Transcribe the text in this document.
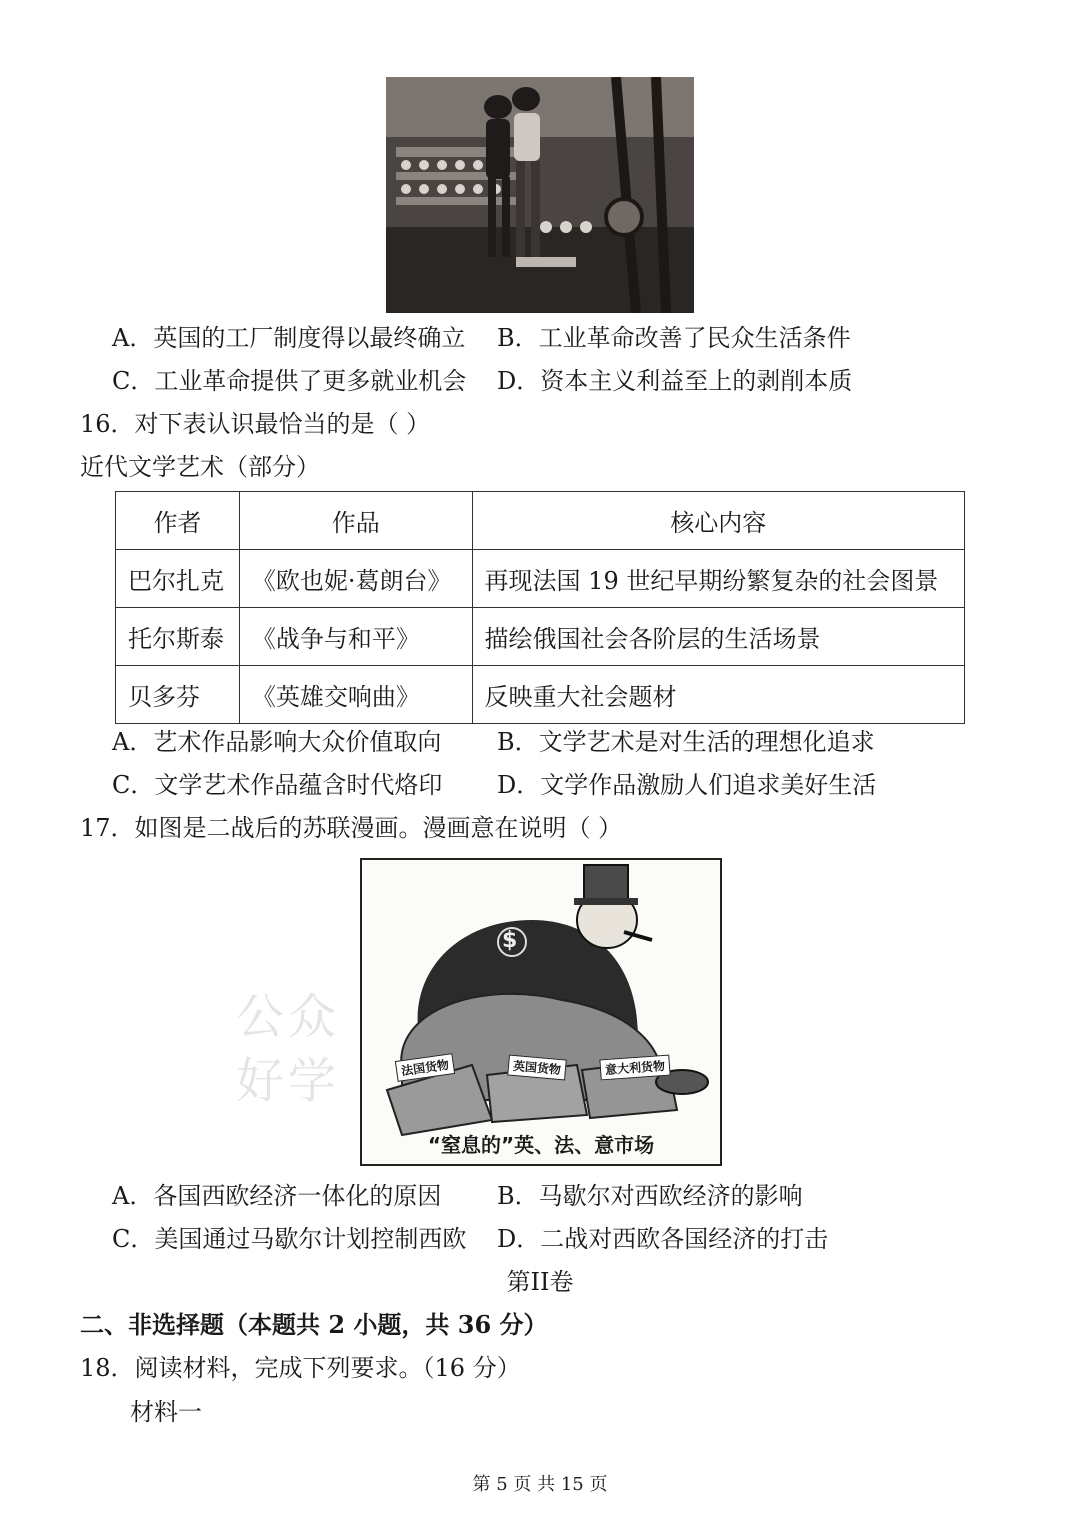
A．英国的工厂制度得以最终确立 B．工业革命改善了民众生活条件
C．工业革命提供了更多就业机会 D．资本主义利益至上的剥削本质
16．对下表认识最恰当的是（ ）
近代文学艺术（部分）
作者	作品	核心内容
巴尔扎克	《欧也妮·葛朗台》	再现法国 19 世纪早期纷繁复杂的社会图景
托尔斯泰	《战争与和平》	描绘俄国社会各阶层的生活场景
贝多芬	《英雄交响曲》	反映重大社会题材
A．艺术作品影响大众价值取向 B．文学艺术是对生活的理想化追求
C．文学艺术作品蕴含时代烙印 D．文学作品激励人们追求美好生活
17．如图是二战后的苏联漫画。漫画意在说明（ ）
公众
好学
$
法国货物	英国货物	意大利货物
“窒息的”英、法、意市场
A．各国西欧经济一体化的原因 B．马歇尔对西欧经济的影响
C．美国通过马歇尔计划控制西欧 D．二战对西欧各国经济的打击
第II卷
二、非选择题（本题共 2 小题，共 36 分）
18．阅读材料，完成下列要求。（16 分）
材料一
第 5 页 共 15 页
